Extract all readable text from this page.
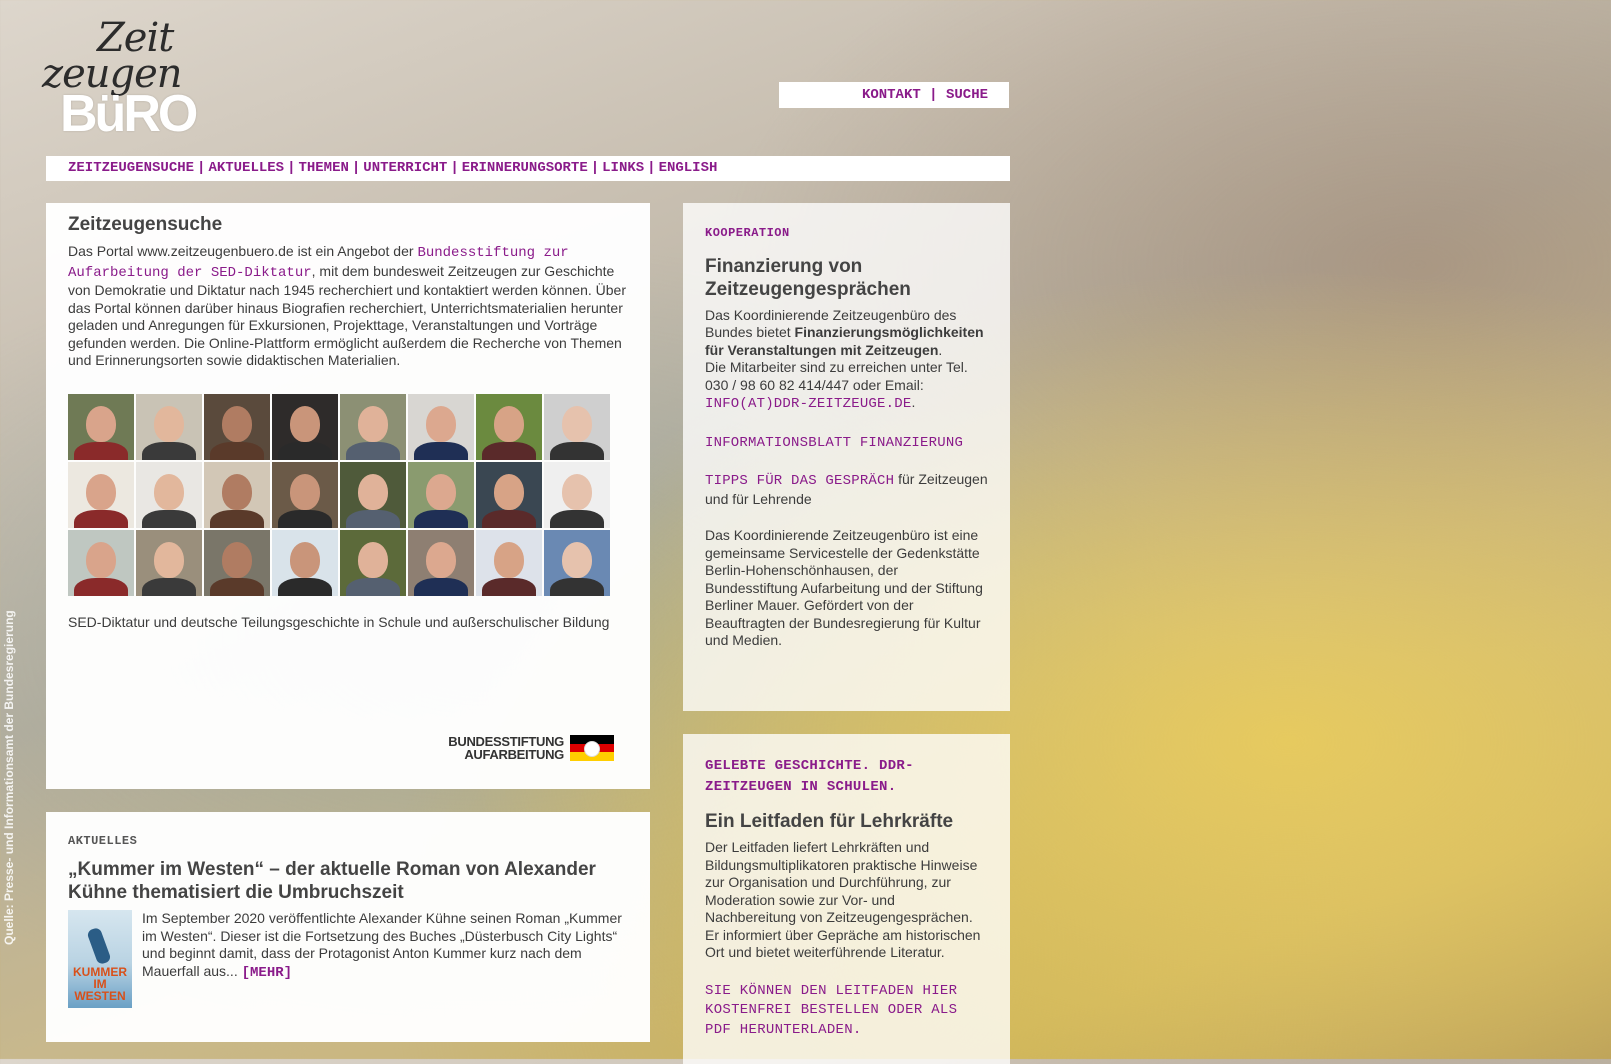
Zeit
zeugen
BüRO	KONTAKT | SUCHE
ZEITZEUGENSUCHE | AKTUELLES | THEMEN | UNTERRICHT | ERINNERUNGSORTE | LINKS | ENGLISH
Zeitzeugensuche
Das Portal www.zeitzeugenbuero.de ist ein Angebot der Bundesstiftung zur Aufarbeitung der SED-Diktatur, mit dem bundesweit Zeitzeugen zur Geschichte von Demokratie und Diktatur nach 1945 recherchiert und kontaktiert werden können. Über das Portal können darüber hinaus Biografien recherchiert, Unterrichtsmaterialien herunter geladen und Anregungen für Exkursionen, Projekttage, Veranstaltungen und Vorträge gefunden werden. Die Online-Plattform ermöglicht außerdem die Recherche von Themen und Erinnerungsorten sowie didaktischen Materialien.
SED-Diktatur und deutsche Teilungsgeschichte in Schule und außerschulischer Bildung
BUNDESSTIFTUNG
AUFARBEITUNG
AKTUELLES
„Kummer im Westen“ – der aktuelle Roman von Alexander Kühne thematisiert die Umbruchszeit
KUMMER
IM WESTEN
Im September 2020 veröffentlichte Alexander Kühne seinen Roman „Kummer im Westen“. Dieser ist die Fortsetzung des Buches „Düsterbusch City Lights“ und beginnt damit, dass der Protagonist Anton Kummer kurz nach dem Mauerfall aus... [MEHR]
KOOPERATION
Finanzierung von Zeitzeugengesprächen

Das Koordinierende Zeitzeugenbüro des Bundes bietet Finanzierungsmöglichkeiten für Veranstaltungen mit Zeitzeugen.
Die Mitarbeiter sind zu erreichen unter Tel. 030 / 98 60 82 414/447 oder Email:
INFO(AT)DDR-ZEITZEUGE.DE.

INFORMATIONSBLATT FINANZIERUNG

TIPPS FÜR DAS GESPRÄCH für Zeitzeugen und für Lehrende

Das Koordinierende Zeitzeugenbüro ist eine gemeinsame Servicestelle der Gedenkstätte Berlin-Hohenschönhausen, der Bundesstiftung Aufarbeitung und der Stiftung Berliner Mauer. Gefördert von der Beauftragten der Bundesregierung für Kultur und Medien.

GELEBTE GESCHICHTE. DDR-ZEITZEUGEN IN SCHULEN.
Ein Leitfaden für Lehrkräfte

Der Leitfaden liefert Lehrkräften und Bildungsmultiplikatoren praktische Hinweise zur Organisation und Durchführung, zur Moderation sowie zur Vor- und Nachbereitung von Zeitzeugengesprächen. Er informiert über Gepräche am historischen Ort und bietet weiterführende Literatur.

SIE KÖNNEN DEN LEITFADEN HIER KOSTENFREI BESTELLEN ODER ALS PDF HERUNTERLADEN.

Quelle: Presse- und Informationsamt der Bundesregierung
